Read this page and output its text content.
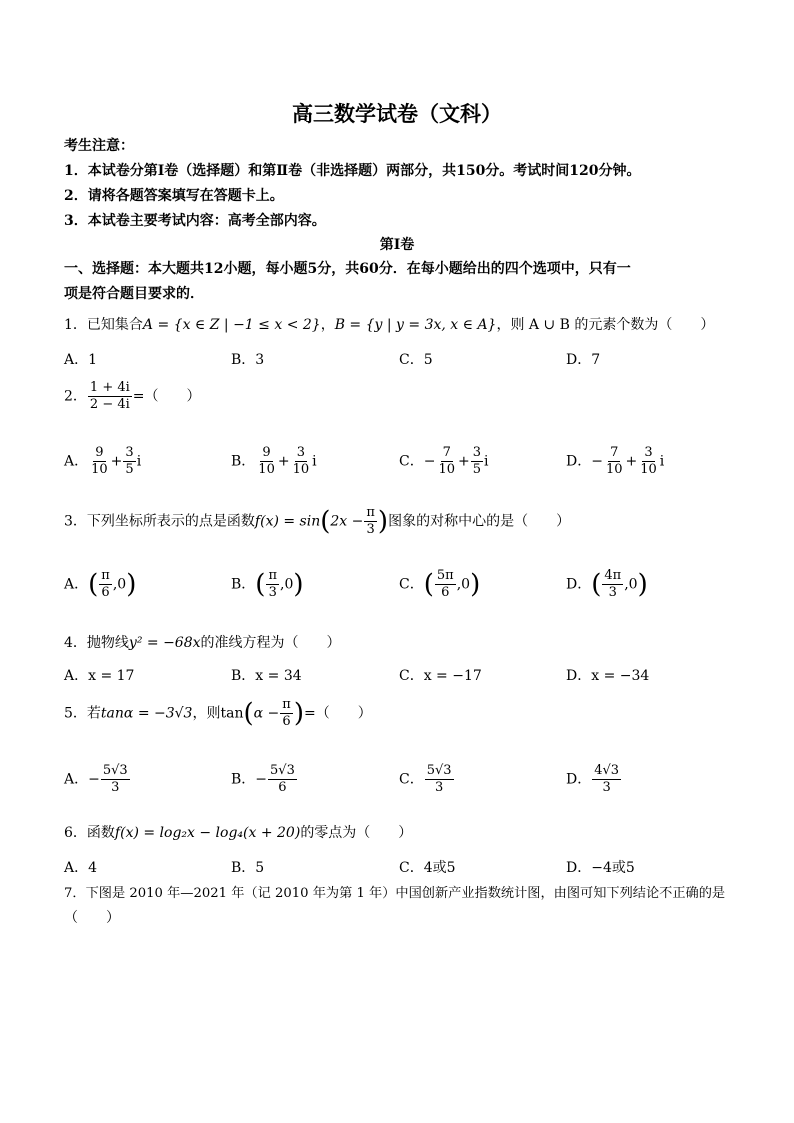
高三数学试卷（文科）
考生注意：
1．本试卷分第Ⅰ卷（选择题）和第Ⅱ卷（非选择题）两部分，共150分。考试时间120分钟。
2．请将各题答案填写在答题卡上。
3．本试卷主要考试内容：高考全部内容。
第Ⅰ卷
一、选择题：本大题共12小题，每小题5分，共60分．在每小题给出的四个选项中，只有一
项是符合题目要求的．
1．已知集合A = {x ∈ Z | −1 ≤ x < 2}，B = {y | y = 3x, x ∈ A}，则 A ∪ B 的元素个数为（　　）
A．1	B．3	C．5	D．7
2． $\frac{1 + 4i}{2 - 4i}$ =（　　）
A． $\frac{9}{10} + \frac{3}{5}$ i	B． $\frac{9}{10} + \frac{3}{10}$ i	C．− $\frac{7}{10} + \frac{3}{5}$ i	D．− $\frac{7}{10} + \frac{3}{10}$ i
3．下列坐标所表示的点是函数$f(x) = \sin(2x - \frac{\pi}{3}$ )图象的对称中心的是（　　）
A．( $\frac{\pi}{6} ,0$)	B．( $\frac{\pi}{3} ,0$)	C．( $\frac{5\pi}{6} ,0$)	D．( $\frac{4\pi}{3} ,0$)
4．抛物线y² = −68x的准线方程为（　　）
A．x = 17	B．x = 34	C．x = −17	D．x = −34
5．若tanα = −3√3，则$\tan(\alpha - \frac{\pi}{6}$ )=（　　）
A．− $\frac{5√3}{3}$	B．− $\frac{5√3}{6}$	C． $\frac{5√3}{3}$	D． $\frac{4√3}{3}$
6．函数f(x) = log₂x − log₄(x + 20)的零点为（　　）
A．4	B．5	C．4或5	D．−4或5
7．下图是 2010 年—2021 年（记 2010 年为第 1 年）中国创新产业指数统计图，由图可知下列结论不正确的是
（　　）
